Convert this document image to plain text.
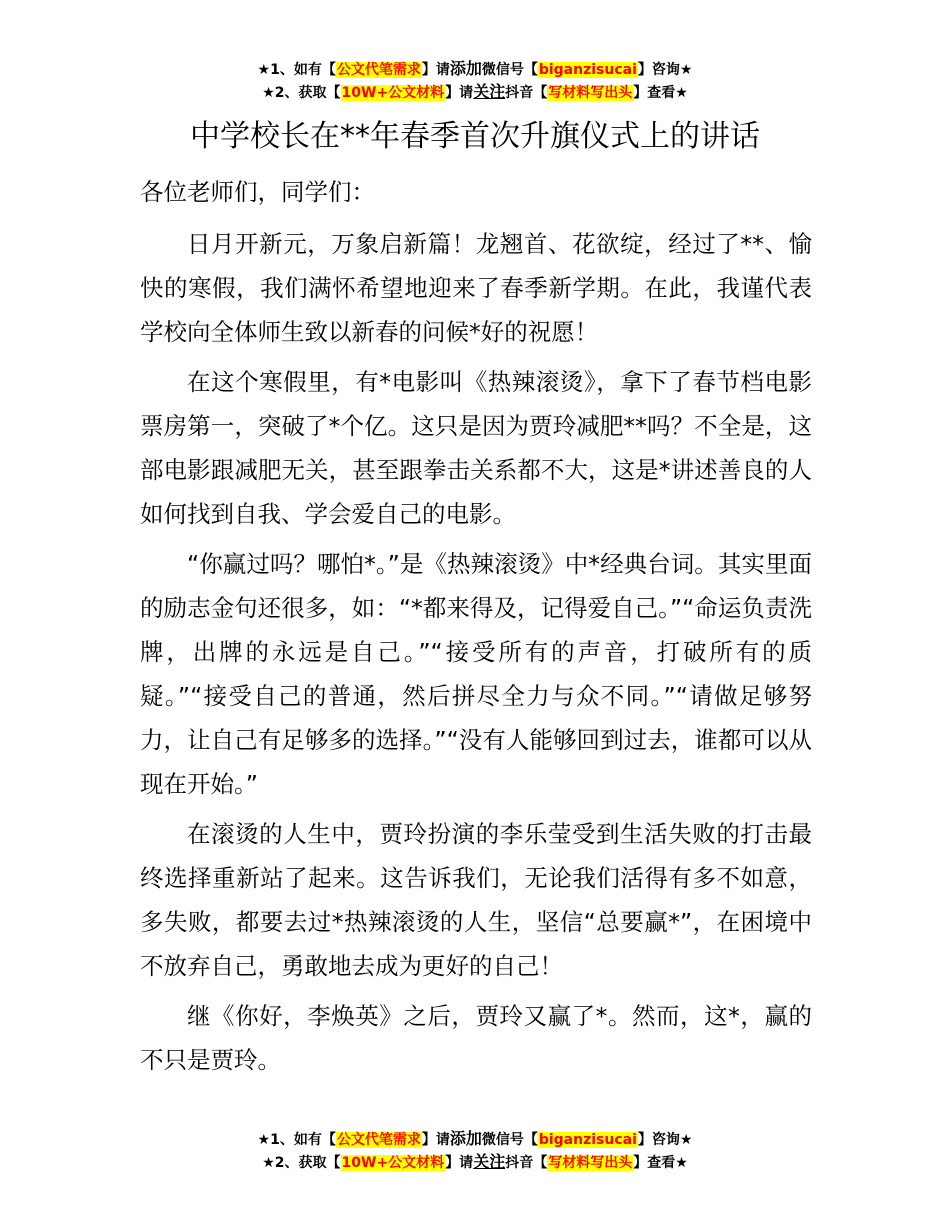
★1、如有【公文代笔需求】请添加微信号【biganzisucai】咨询★
★2、获取【10W+公文材料】请关注抖音【写材料写出头】查看★
中学校长在**年春季首次升旗仪式上的讲话

各位老师们，同学们：

日月开新元，万象启新篇！龙翘首、花欲绽，经过了**、愉快的寒假，我们满怀希望地迎来了春季新学期。在此，我谨代表学校向全体师生致以新春的问候*好的祝愿！

在这个寒假里，有*电影叫《热辣滚烫》，拿下了春节档电影票房第一，突破了*个亿。这只是因为贾玲减肥**吗？不全是，这部电影跟减肥无关，甚至跟拳击关系都不大，这是*讲述善良的人如何找到自我、学会爱自己的电影。

“你赢过吗？哪怕*。”是《热辣滚烫》中*经典台词。其实里面的励志金句还很多，如：“*都来得及，记得爱自己。”“命运负责洗牌，出牌的永远是自己。”“接受所有的声音，打破所有的质疑。”“接受自己的普通，然后拼尽全力与众不同。”“请做足够努力，让自己有足够多的选择。”“没有人能够回到过去，谁都可以从现在开始。”

在滚烫的人生中，贾玲扮演的李乐莹受到生活失败的打击最终选择重新站了起来。这告诉我们，无论我们活得有多不如意，多失败，都要去过*热辣滚烫的人生，坚信“总要赢*”，在困境中不放弃自己，勇敢地去成为更好的自己！

继《你好，李焕英》之后，贾玲又赢了*。然而，这*，赢的不只是贾玲。

★1、如有【公文代笔需求】请添加微信号【biganzisucai】咨询★
★2、获取【10W+公文材料】请关注抖音【写材料写出头】查看★
